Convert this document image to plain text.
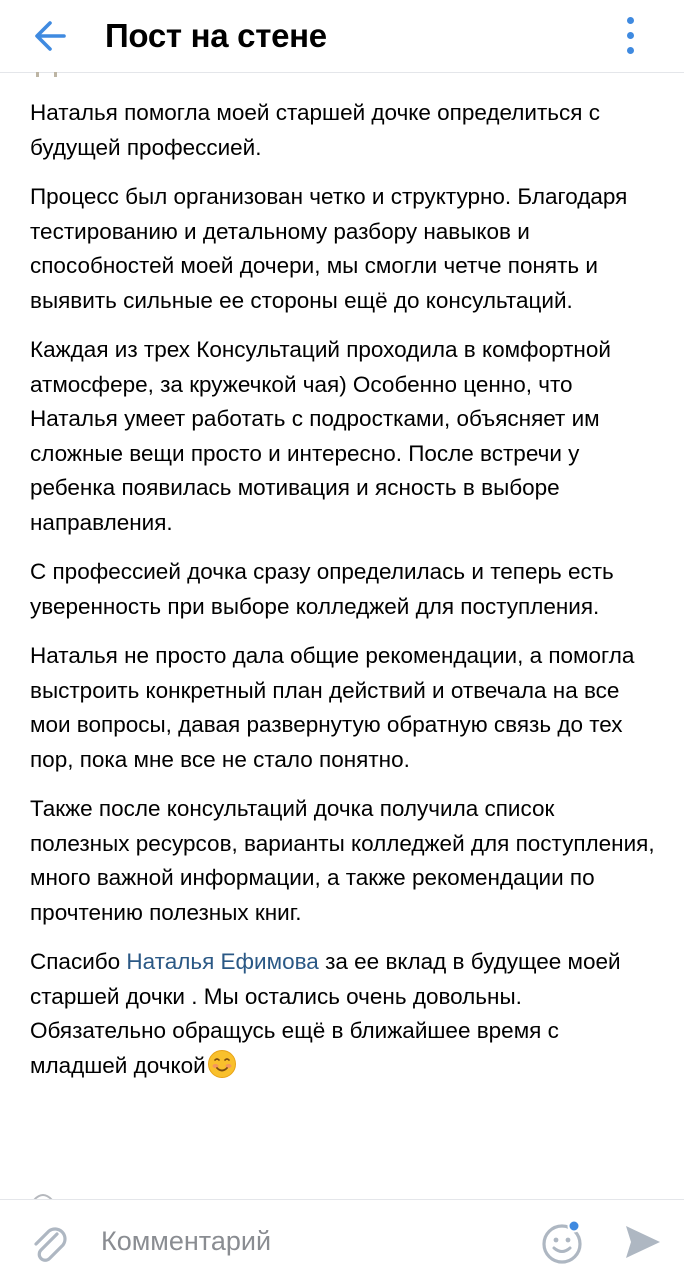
Пост на стене

Наталья помогла моей старшей дочке определиться с будущей профессией.

Процесс был организован четко и структурно. Благодаря тестированию и детальному разбору навыков и способностей моей дочери, мы смогли четче понять и выявить сильные ее стороны ещё до консультаций.

Каждая из трех Консультаций проходила в комфортной атмосфере, за кружечкой чая) Особенно ценно, что Наталья умеет работать с подростками, объясняет им сложные вещи просто и интересно. После встречи у ребенка появилась мотивация и ясность в выборе направления.

С профессией дочка сразу определилась и теперь есть уверенность при выборе колледжей для поступления.

Наталья не просто дала общие рекомендации, а помогла выстроить конкретный план действий и отвечала на все мои вопросы, давая развернутую обратную связь до тех пор, пока мне все не стало понятно.

Также после консультаций дочка получила список полезных ресурсов, варианты колледжей для поступления, много важной информации, а также рекомендации по прочтению полезных книг.

Спасибо Наталья Ефимова за ее вклад в будущее моей старшей дочки . Мы остались очень довольны. Обязательно обращусь ещё в ближайшее время с младшей дочкой

Комментарий
